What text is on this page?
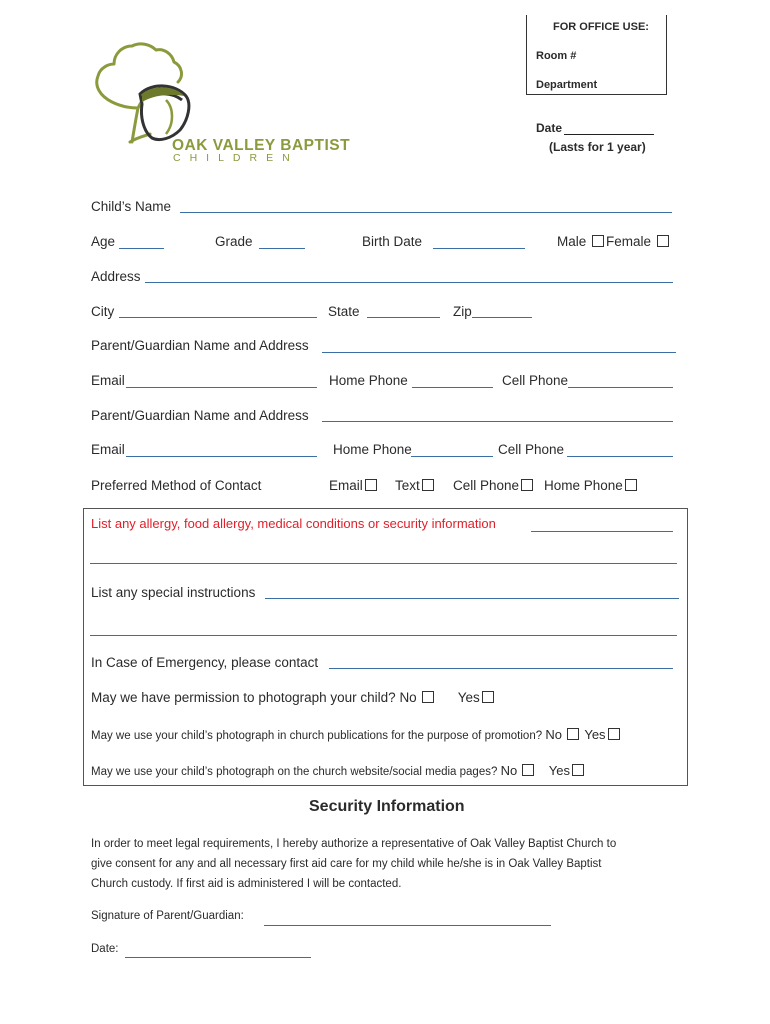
FOR OFFICE USE:
Room #
Department
Date
(Lasts for 1 year)
OAK VALLEY BAPTIST
CHILDREN
Child’s Name
Age	Grade	Birth Date	Male Female
Address
City	State	Zip
Parent/Guardian Name and Address
Email	Home Phone	Cell Phone
Parent/Guardian Name and Address
Email	Home Phone	Cell Phone
Preferred Method of Contact	Email	Text	Cell Phone	Home Phone
List any allergy, food allergy, medical conditions or security information
List any special instructions
In Case of Emergency, please contact
May we have permission to photograph your child? No	Yes
May we use your child’s photograph in church publications for the purpose of promotion? No Yes
May we use your child’s photograph on the church website/social media pages? No Yes
Security Information
In order to meet legal requirements, I hereby authorize a representative of Oak Valley Baptist Church to
give consent for any and all necessary first aid care for my child while he/she is in Oak Valley Baptist
Church custody. If first aid is administered I will be contacted.
Signature of Parent/Guardian:
Date:
